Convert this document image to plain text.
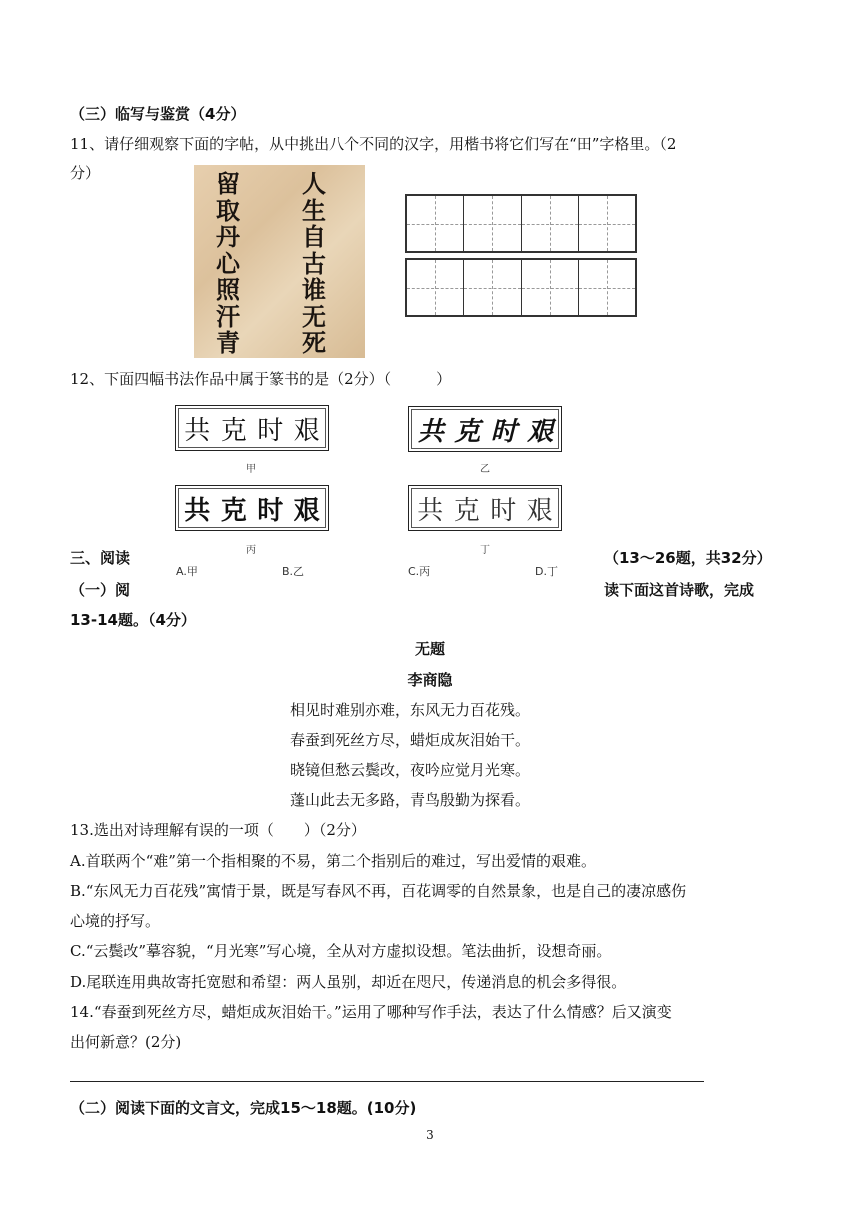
（三）临写与鉴赏（4分）
11、请仔细观察下面的字帖，从中挑出八个不同的汉字，用楷书将它们写在“田”字格里。（2
分）	留
取
丹
心
照
汗
青
人
生
自
古
谁
无
死
12、下面四幅书法作品中属于篆书的是（2分）（　　　）
共 克 时 艰
甲
共 克 时 艰
乙
共 克 时 艰
丙
共 克 时 艰
丁
A.甲	B.乙	C.丙	D.丁
三、阅读	（13～26题，共32分）
（一）阅	读下面这首诗歌，完成
13-14题。（4分）
无题
李商隐
相见时难别亦难，东风无力百花残。
春蚕到死丝方尽，蜡炬成灰泪始干。
晓镜但愁云鬓改，夜吟应觉月光寒。
蓬山此去无多路，青鸟殷勤为探看。
13.选出对诗理解有误的一项（　　）（2分）
A.首联两个“难”第一个指相聚的不易，第二个指别后的难过，写出爱情的艰难。
B.“东风无力百花残”寓情于景，既是写春风不再，百花调零的自然景象，也是自己的凄凉感伤
心境的抒写。
C.“云鬓改”摹容貌，“月光寒”写心境，全从对方虚拟设想。笔法曲折，设想奇丽。
D.尾联连用典故寄托宽慰和希望：两人虽别，却近在咫尺，传递消息的机会多得很。
14.“春蚕到死丝方尽，蜡炬成灰泪始干。”运用了哪种写作手法，表达了什么情感？后又演变
出何新意？(2分)
（二）阅读下面的文言文，完成15～18题。(10分)
3
